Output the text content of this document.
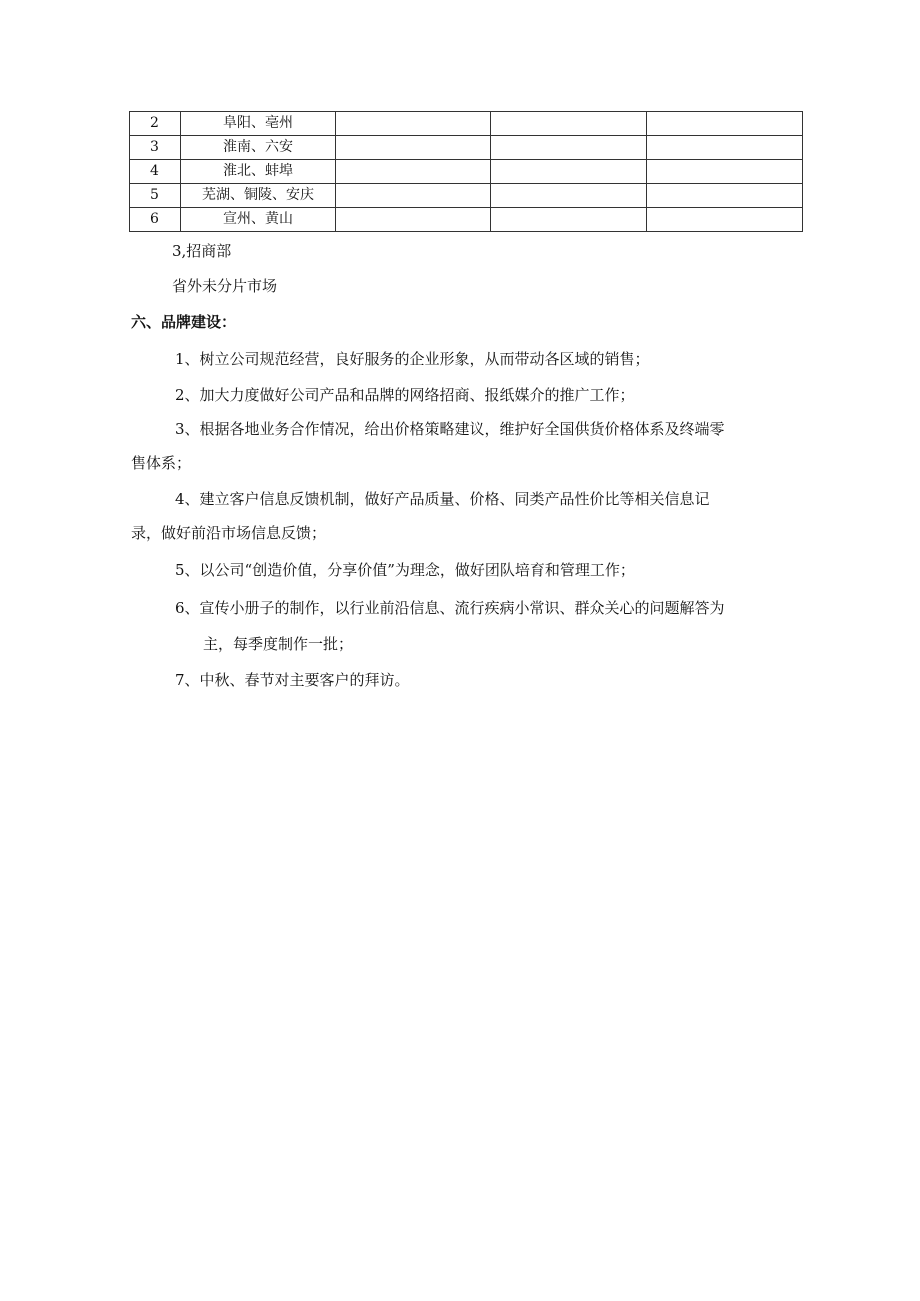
2	阜阳、亳州			
3	淮南、六安			
4	淮北、蚌埠			
5	芜湖、铜陵、安庆			
6	宣州、黄山			
3,招商部
省外未分片市场
六、品牌建设：
1、树立公司规范经营，良好服务的企业形象，从而带动各区域的销售；
2、加大力度做好公司产品和品牌的网络招商、报纸媒介的推广工作；
3、根据各地业务合作情况，给出价格策略建议，维护好全国供货价格体系及终端零
售体系；
4、建立客户信息反馈机制，做好产品质量、价格、同类产品性价比等相关信息记
录，做好前沿市场信息反馈；
5、以公司“创造价值，分享价值”为理念，做好团队培育和管理工作；
6、宣传小册子的制作，以行业前沿信息、流行疾病小常识、群众关心的问题解答为
主，每季度制作一批；
7、中秋、春节对主要客户的拜访。
